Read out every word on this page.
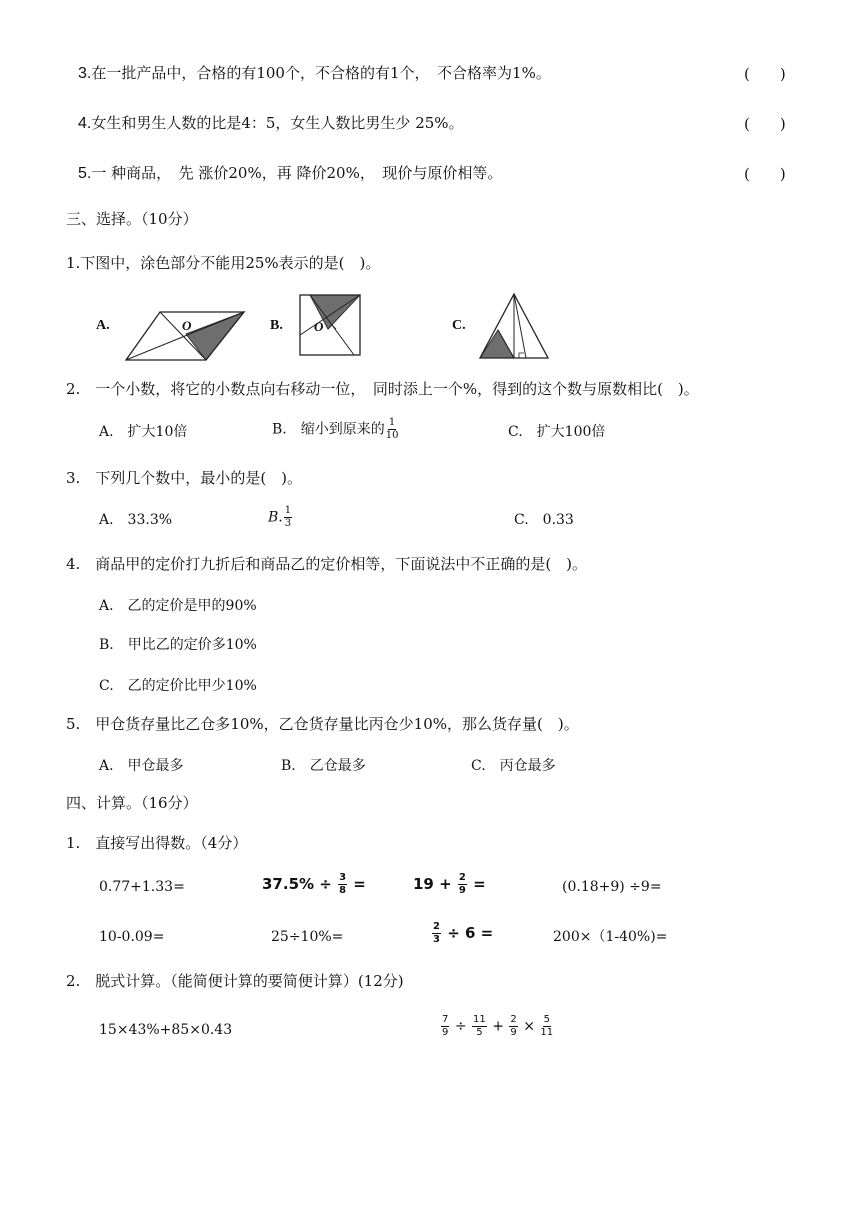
3.在一批产品中，合格的有100个，不合格的有1个，　不合格率为1%。	(　　)
4.女生和男生人数的比是4：5，女生人数比男生少 25%。	(　　)
5.一 种商品，　先 涨价20%，再 降价20%，　现价与原价相等。	(　　)
三、选择。（10分）
1.下图中，涂色部分不能用25%表示的是(　)。
A.	O	B. O	C.
2.　一个小数，将它的小数点向右移动一位，　同时添上一个%，得到的这个数与原数相比(　)。
A.　扩大10倍	B.　缩小到原来的 $\frac{1}{10}$	C.　扩大100倍
3.　下列几个数中，最小的是(　)。
A.　33.3%	B. $\frac{1}{3}$	C.　0.33
4.　商品甲的定价打九折后和商品乙的定价相等，下面说法中不正确的是(　)。
A.　乙的定价是甲的90%
B.　甲比乙的定价多10%
C.　乙的定价比甲少10%
5.　甲仓货存量比乙仓多10%，乙仓货存量比丙仓少10%，那么货存量(　)。
A.　甲仓最多	B.　乙仓最多	C.　丙仓最多
四、计算。（16分）
1.　直接写出得数。（4分）
0.77+1.33=	$37.5\% \div \frac{3}{8}$ =	$19 + \frac{2}{9}$ =	(0.18+9) ÷9=
10-0.09=	25÷10%=	$\frac{2}{3} \div 6$ =	200×（1-40%)=
2.　脱式计算。（能简便计算的要简便计算）(12分)
15×43%+85×0.43	$\frac{7}{9} \div \frac{11}{5} + \frac{2}{9} \times \frac{5}{11}$
